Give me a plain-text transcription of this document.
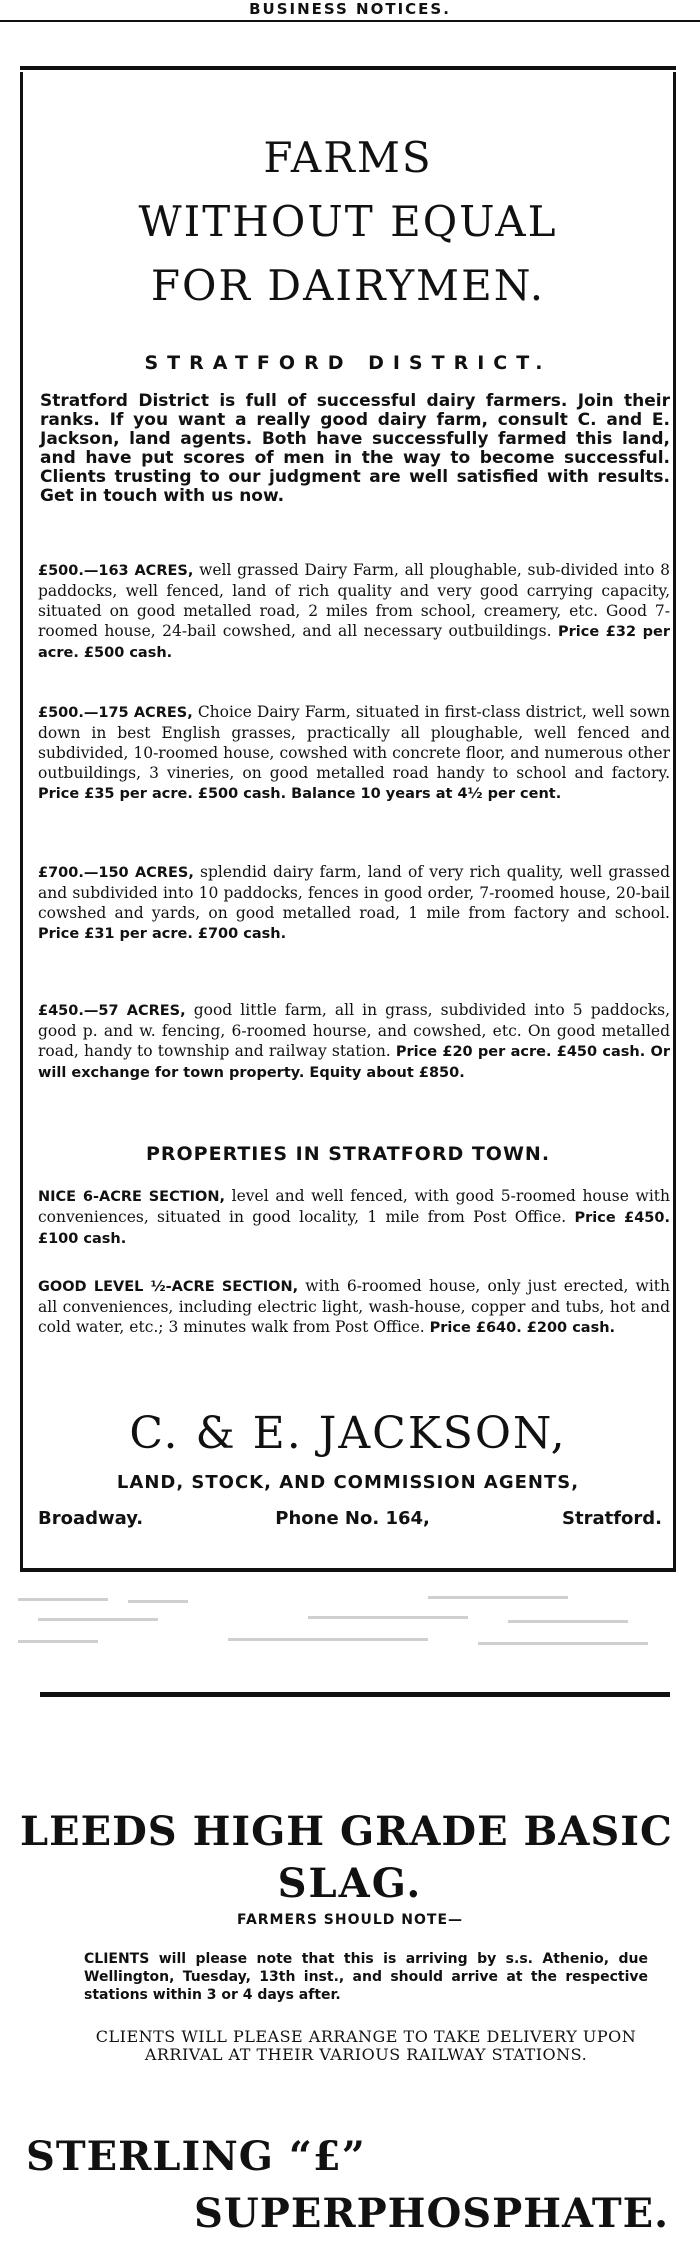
BUSINESS NOTICES.
FARMS
WITHOUT EQUAL
FOR DAIRYMEN.
STRATFORD DISTRICT.
Stratford District is full of successful dairy farmers. Join their ranks. If you want a really good dairy farm, consult C. and E. Jackson, land agents. Both have successfully farmed this land, and have put scores of men in the way to become successful. Clients trusting to our judgment are well satisfied with results. Get in touch with us now.
£500.—163 ACRES, well grassed Dairy Farm, all ploughable, sub-divided into 8 paddocks, well fenced, land of rich quality and very good carrying capacity, situated on good metalled road, 2 miles from school, creamery, etc. Good 7-roomed house, 24-bail cowshed, and all necessary outbuildings. Price £32 per acre. £500 cash.
£500.—175 ACRES, Choice Dairy Farm, situated in first-class district, well sown down in best English grasses, practically all ploughable, well fenced and subdivided, 10-roomed house, cowshed with concrete floor, and numerous other outbuildings, 3 vineries, on good metalled road handy to school and factory. Price £35 per acre. £500 cash. Balance 10 years at 4½ per cent.
£700.—150 ACRES, splendid dairy farm, land of very rich quality, well grassed and subdivided into 10 paddocks, fences in good order, 7-roomed house, 20-bail cowshed and yards, on good metalled road, 1 mile from factory and school. Price £31 per acre. £700 cash.
£450.—57 ACRES, good little farm, all in grass, subdivided into 5 paddocks, good p. and w. fencing, 6-roomed hourse, and cowshed, etc. On good metalled road, handy to township and railway station. Price £20 per acre. £450 cash. Or will exchange for town property. Equity about £850.
PROPERTIES IN STRATFORD TOWN.
NICE 6-ACRE SECTION, level and well fenced, with good 5-roomed house with conveniences, situated in good locality, 1 mile from Post Office. Price £450. £100 cash.
GOOD LEVEL ½-ACRE SECTION, with 6-roomed house, only just erected, with all conveniences, including electric light, wash-house, copper and tubs, hot and cold water, etc.; 3 minutes walk from Post Office. Price £640. £200 cash.
C. & E. JACKSON,
LAND, STOCK, AND COMMISSION AGENTS,
Broadway.	Phone No. 164,	Stratford.
LEEDS HIGH GRADE BASIC
SLAG.
FARMERS SHOULD NOTE—
CLIENTS will please note that this is arriving by s.s. Athenio, due Wellington, Tuesday, 13th inst., and should arrive at the respective stations within 3 or 4 days after.
CLIENTS WILL PLEASE ARRANGE TO TAKE DELIVERY UPON ARRIVAL AT THEIR VARIOUS RAILWAY STATIONS.
STERLING “£”
SUPERPHOSPHATE.
